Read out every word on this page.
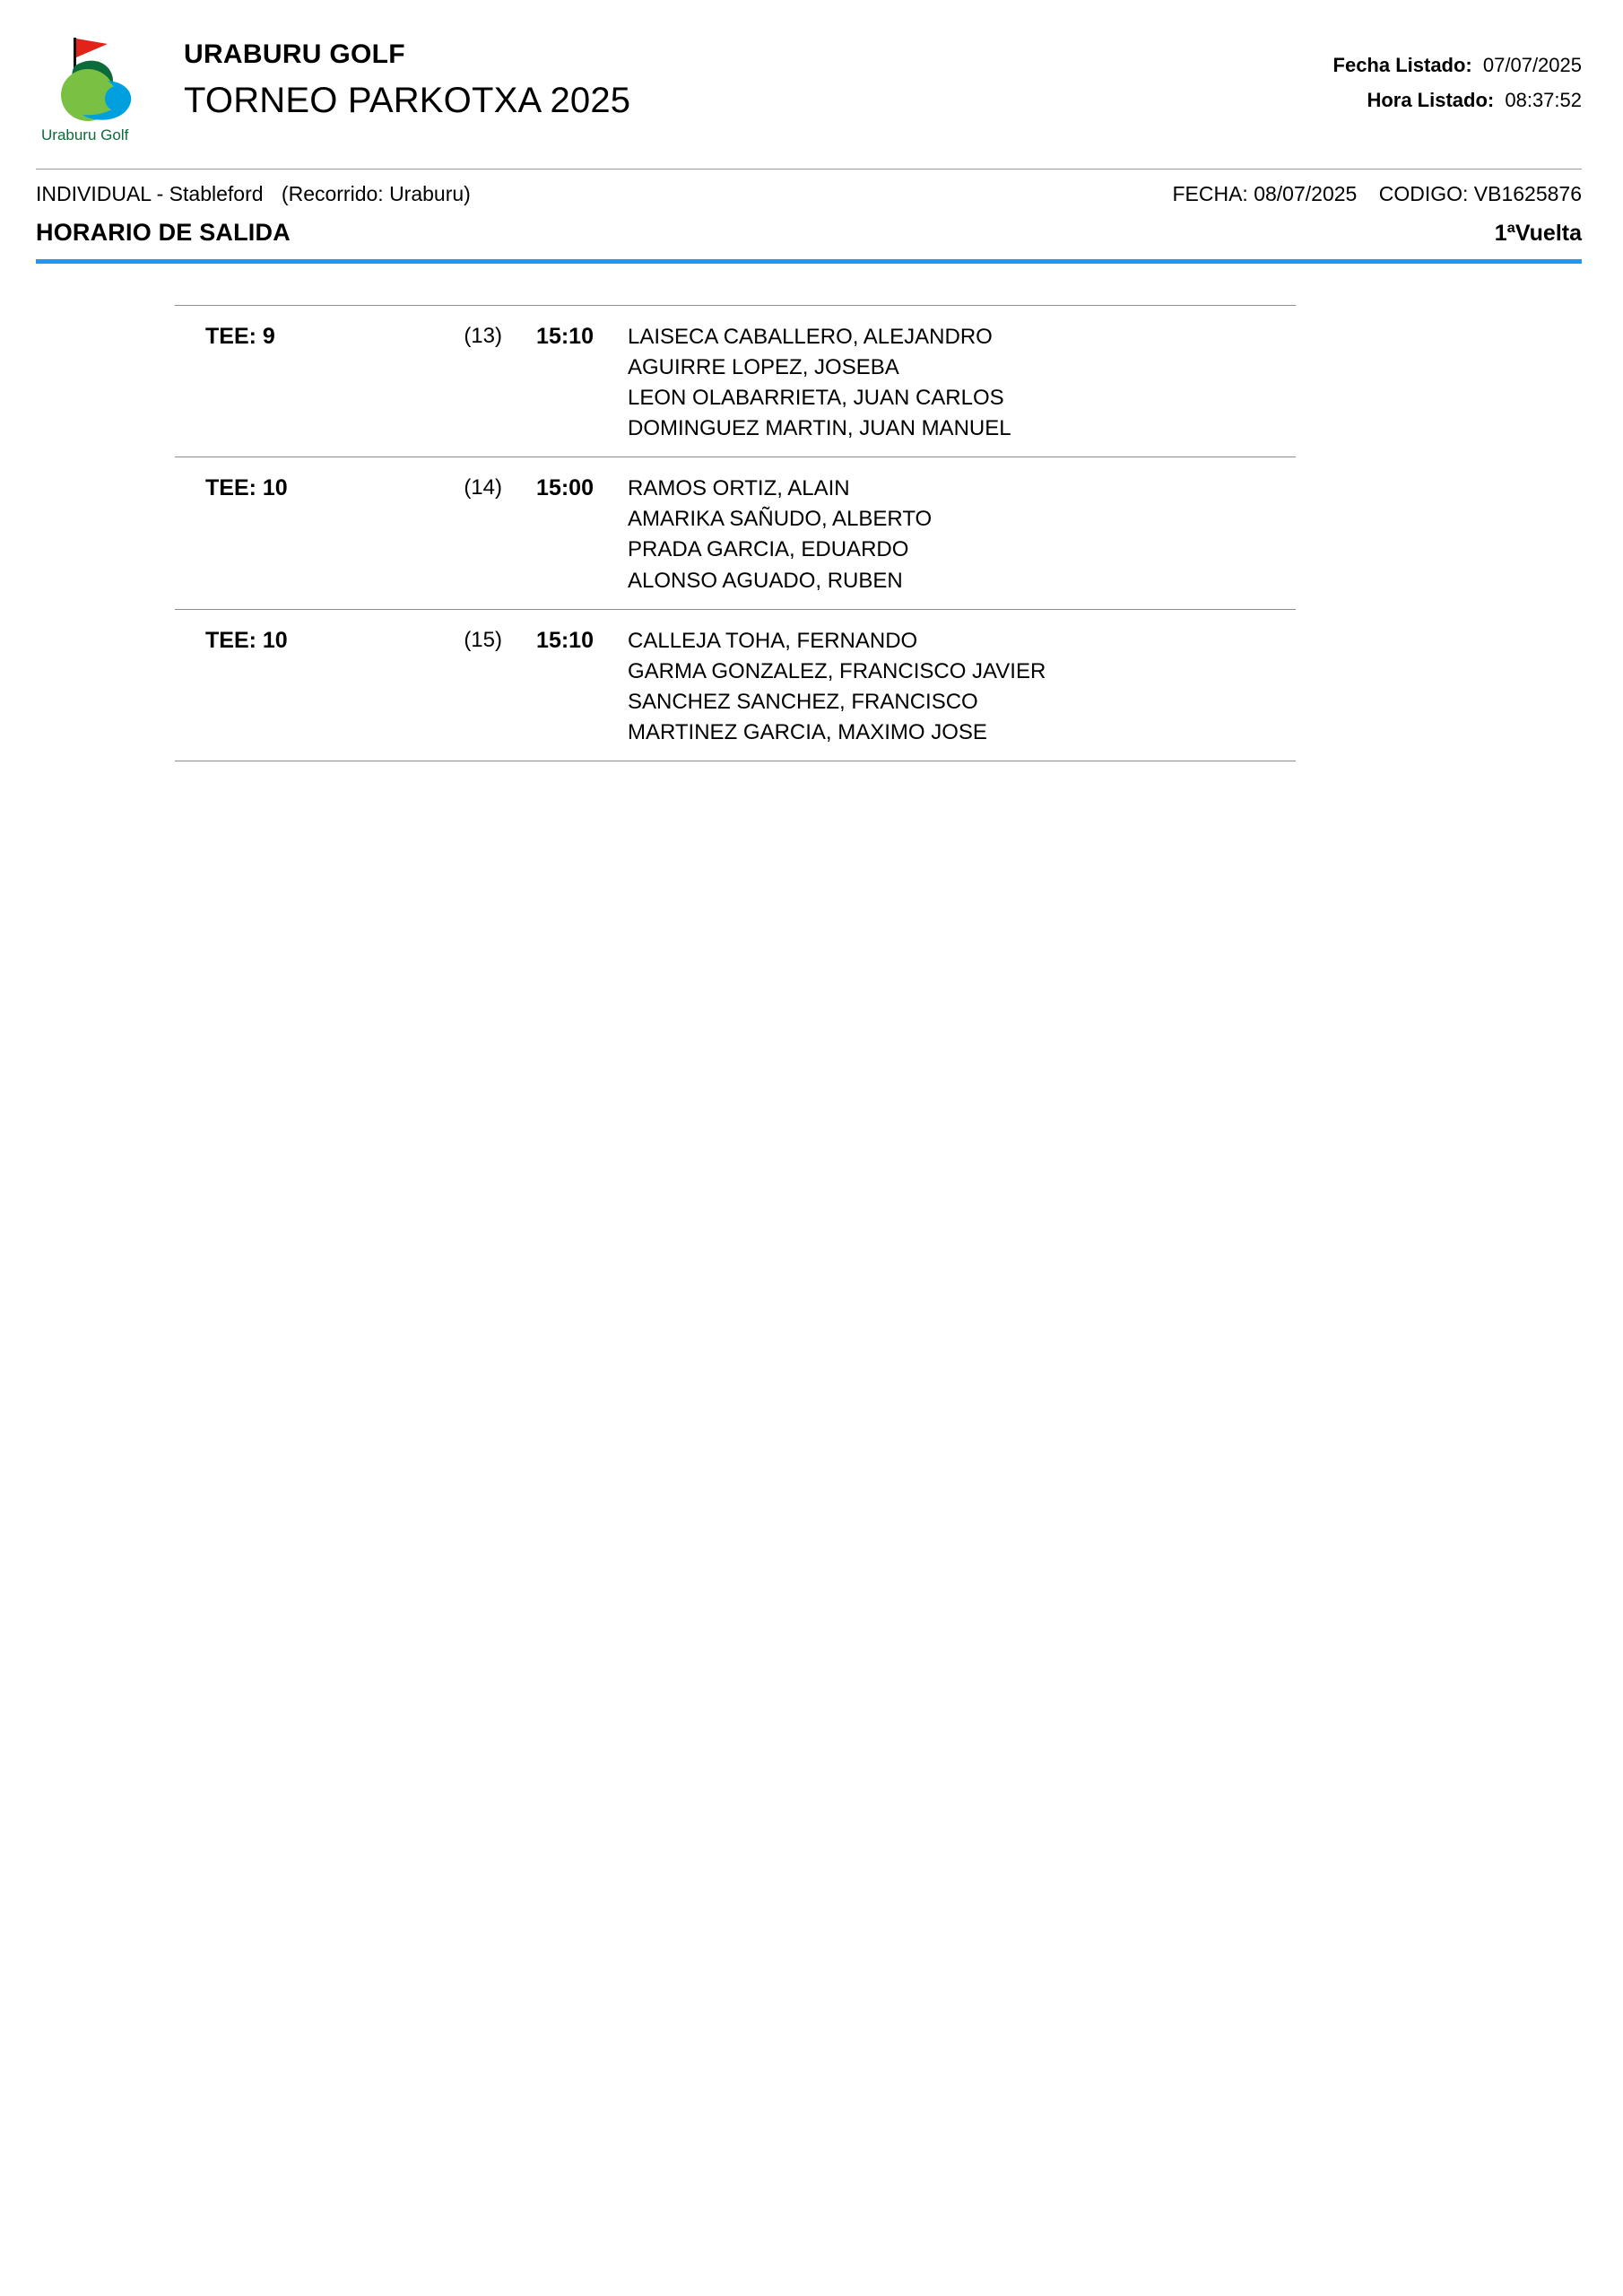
Uraburu Golf
URABURU GOLF
TORNEO PARKOTXA 2025
Fecha Listado: 07/07/2025
Hora Listado: 08:37:52
INDIVIDUAL - Stableford (Recorrido: Uraburu)	FECHA: 08/07/2025 CODIGO: VB1625876
HORARIO DE SALIDA	1ªVuelta
TEE: 9	(13)	15:10	LAISECA CABALLERO, ALEJANDRO
AGUIRRE LOPEZ, JOSEBA
LEON OLABARRIETA, JUAN CARLOS
DOMINGUEZ MARTIN, JUAN MANUEL
TEE: 10	(14)	15:00	RAMOS ORTIZ, ALAIN
AMARIKA SAÑUDO, ALBERTO
PRADA GARCIA, EDUARDO
ALONSO AGUADO, RUBEN
TEE: 10	(15)	15:10	CALLEJA TOHA, FERNANDO
GARMA GONZALEZ, FRANCISCO JAVIER
SANCHEZ SANCHEZ, FRANCISCO
MARTINEZ GARCIA, MAXIMO JOSE
